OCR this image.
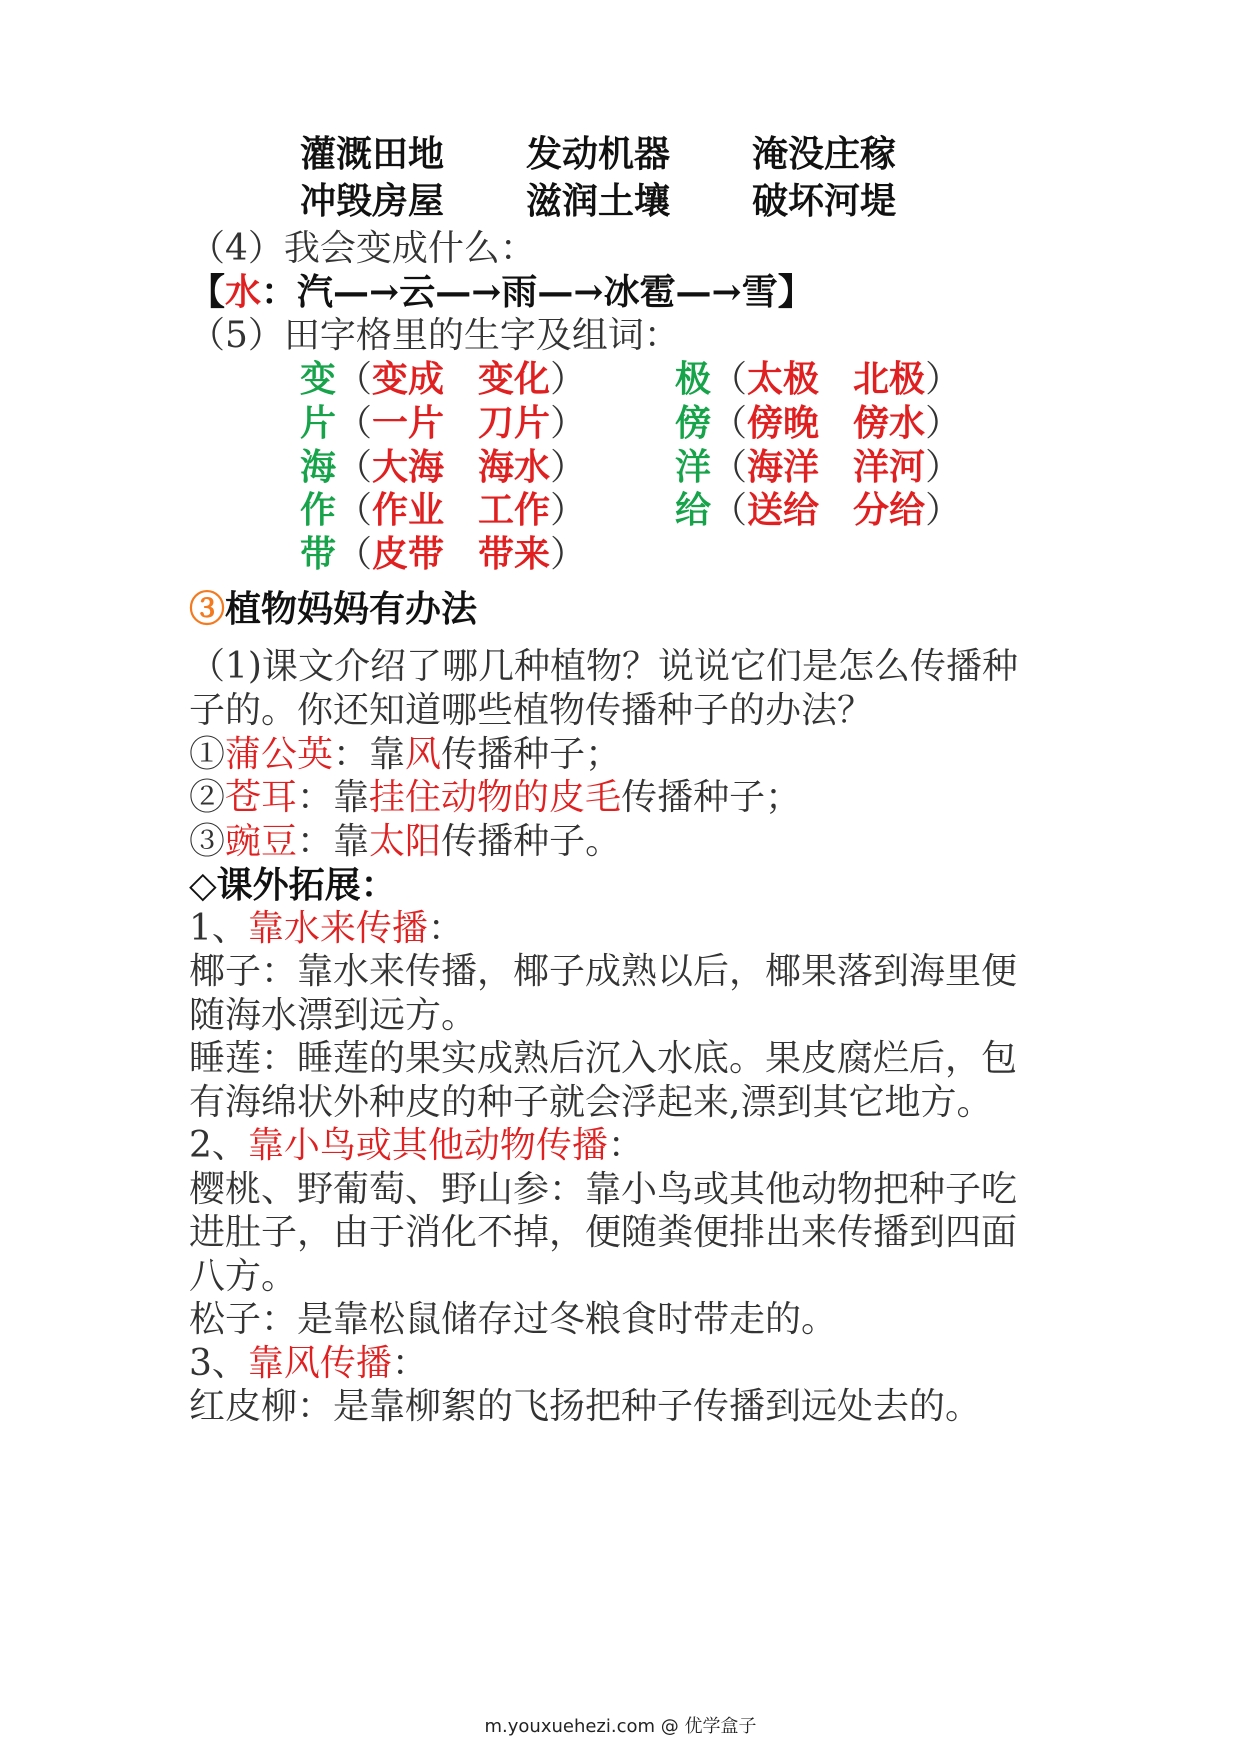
灌溉田地 发动机器 淹没庄稼
冲毁房屋 滋润土壤 破坏河堤
（4）我会变成什么：
【水：汽—→云—→雨—→冰雹—→雪】
（5）田字格里的生字及组词：
变（变成 变化）
片（一片 刀片）
海（大海 海水）
作（作业 工作）
带（皮带 带来）
极（太极 北极）
傍（傍晚 傍水）
洋（海洋 洋河）
给（送给 分给）
③植物妈妈有办法
（1)课文介绍了哪几种植物？说说它们是怎么传播种
子的。你还知道哪些植物传播种子的办法？
①蒲公英：靠风传播种子；
②苍耳：靠挂住动物的皮毛传播种子；
③豌豆：靠太阳传播种子。
◇课外拓展：
1、靠水来传播：
椰子：靠水来传播，椰子成熟以后，椰果落到海里便
随海水漂到远方。
睡莲：睡莲的果实成熟后沉入水底。果皮腐烂后，包
有海绵状外种皮的种子就会浮起来,漂到其它地方。
2、靠小鸟或其他动物传播：
樱桃、野葡萄、野山参：靠小鸟或其他动物把种子吃
进肚子，由于消化不掉，便随粪便排出来传播到四面
八方。
松子：是靠松鼠储存过冬粮食时带走的。
3、靠风传播：
红皮柳：是靠柳絮的飞扬把种子传播到远处去的。
m.youxuehezi.com @ 优学盒子
